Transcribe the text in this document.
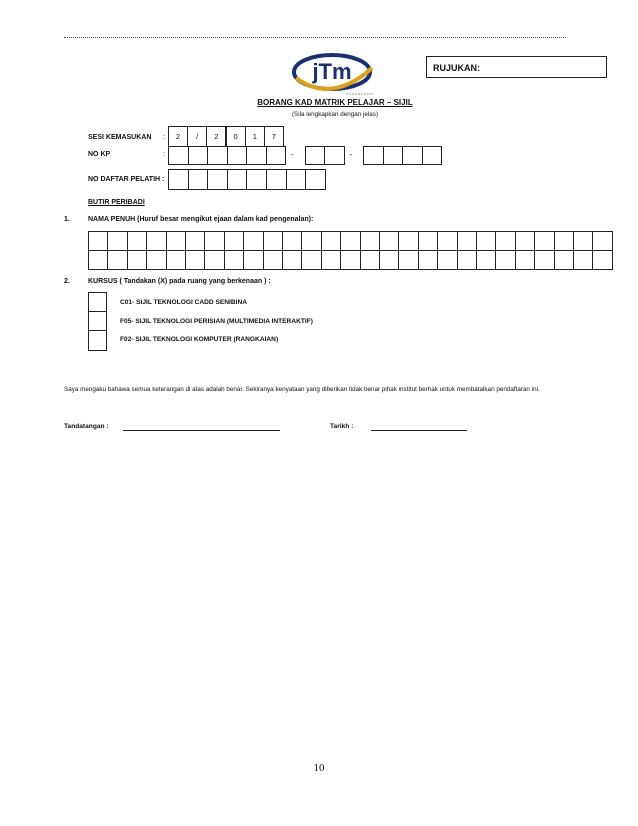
jTm	RUJUKAN:
BORANG KAD MATRIK PELAJAR – SIJIL
(Sila lengkapkan dengan jelas)
SESI KEMASUKAN :	2	/	2	0	1	7
NO KP	:	-	-
NO DAFTAR PELATIH :
BUTIR PERIBADI
1.	NAMA PENUH (Huruf besar mengikut ejaan dalam kad pengenalan):
2.	KURSUS ( Tandakan (X) pada ruang yang berkenaan ) :
C01- SIJIL TEKNOLOGI CADD SENIBINA
F05- SIJIL TEKNOLOGI PERISIAN (MULTIMEDIA INTERAKTIF)
F02- SIJIL TEKNOLOGI KOMPUTER (RANGKAIAN)
Saya mengaku bahawa semua keterangan di atas adalah benar. Sekiranya kenyataan yang diberikan tidak benar pihak institut berhak untuk membatalkan pendaftaran ini.
Tandatangan :	Tarikh :
10
